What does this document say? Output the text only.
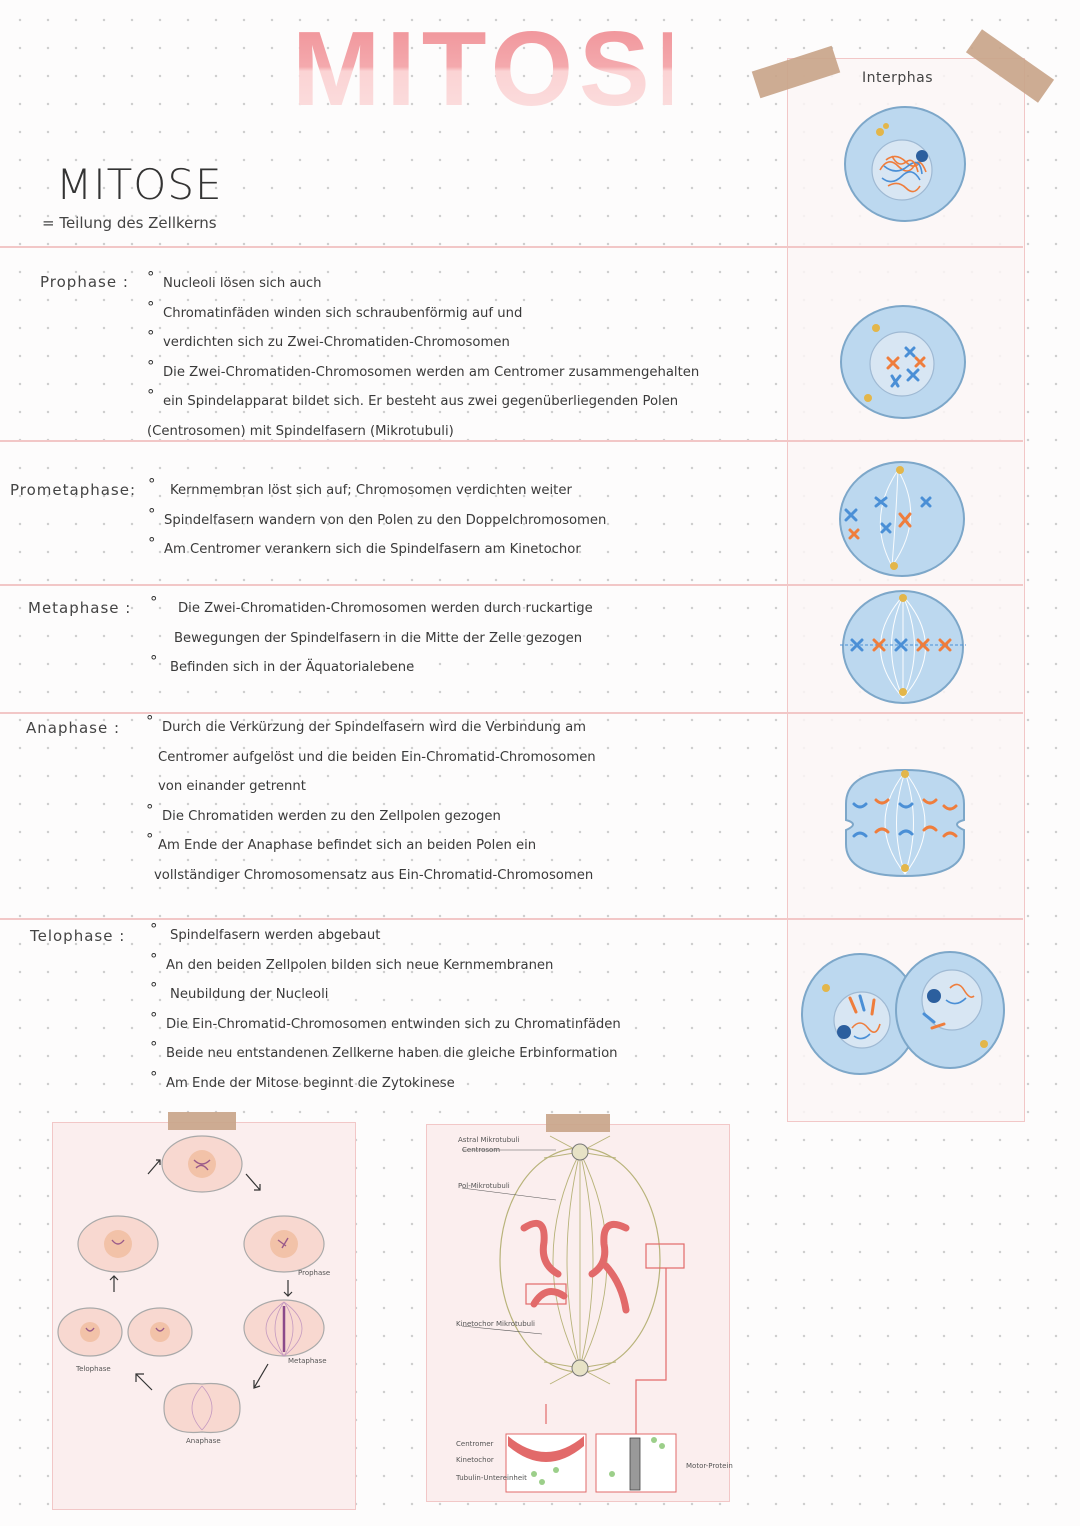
MITOSE
MITOSE
= Teilung des Zellkerns
Interphas
Prophase :
Prometaphase:
Metaphase :
Anaphase :
Telophase :
° Nucleoli lösen sich auch
° Chromatinfäden winden sich schraubenförmig auf und
° verdichten sich zu Zwei-Chromatiden-Chromosomen
° Die Zwei-Chromatiden-Chromosomen werden am Centromer zusammengehalten
° ein Spindelapparat bildet sich. Er besteht aus zwei gegenüberliegenden Polen
(Centrosomen) mit Spindelfasern (Mikrotubuli)
° Kernmembran löst sich auf; Chromosomen verdichten weiter
° Spindelfasern wandern von den Polen zu den Doppelchromosomen
° Am Centromer verankern sich die Spindelfasern am Kinetochor
° Die Zwei-Chromatiden-Chromosomen werden durch ruckartige
Bewegungen der Spindelfasern in die Mitte der Zelle gezogen
° Befinden sich in der Äquatorialebene
° Durch die Verkürzung der Spindelfasern wird die Verbindung am
Centromer aufgelöst und die beiden Ein-Chromatid-Chromosomen
von einander getrennt
° Die Chromatiden werden zu den Zellpolen gezogen
° Am Ende der Anaphase befindet sich an beiden Polen ein
vollständiger Chromosomensatz aus Ein-Chromatid-Chromosomen
° Spindelfasern werden abgebaut
° An den beiden Zellpolen bilden sich neue Kernmembranen
° Neubildung der Nucleoli
° Die Ein-Chromatid-Chromosomen entwinden sich zu Chromatinfäden
° Beide neu entstandenen Zellkerne haben die gleiche Erbinformation
° Am Ende der Mitose beginnt die Zytokinese
Prophase
Metaphase
Anaphase
Telophase
Astral Mikrotubuli
Centrosom
Pol-Mikrotubuli
Kinetochor Mikrotubuli
Centromer
Kinetochor
Tubulin-Untereinheit
Motor-Protein
